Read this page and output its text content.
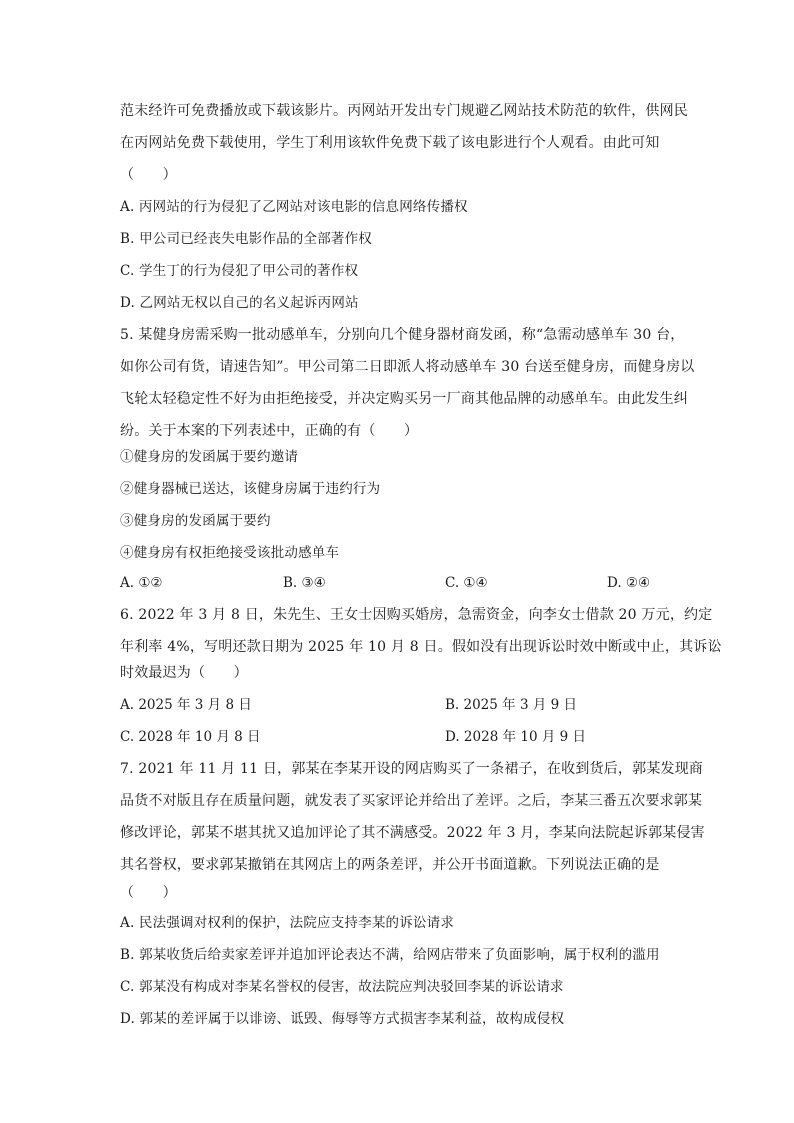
范末经许可免费播放或下载该影片。丙网站开发出专门规避乙网站技术防范的软件，供网民
在丙网站免费下载使用，学生丁利用该软件免费下载了该电影进行个人观看。由此可知
（　　）
A. 丙网站的行为侵犯了乙网站对该电影的信息网络传播权
B. 甲公司已经丧失电影作品的全部著作权
C. 学生丁的行为侵犯了甲公司的著作权
D. 乙网站无权以自己的名义起诉丙网站
5. 某健身房需采购一批动感单车，分别向几个健身器材商发函，称“急需动感单车 30 台，
如你公司有货，请速告知”。甲公司第二日即派人将动感单车 30 台送至健身房，而健身房以
飞轮太轻稳定性不好为由拒绝接受，并决定购买另一厂商其他品牌的动感单车。由此发生纠
纷。关于本案的下列表述中，正确的有（　　）
①健身房的发函属于要约邀请
②健身器械已送达，该健身房属于违约行为
③健身房的发函属于要约
④健身房有权拒绝接受该批动感单车
A. ①②	B. ③④	C. ①④	D. ②④
6. 2022 年 3 月 8 日，朱先生、王女士因购买婚房，急需资金，向李女士借款 20 万元，约定
年利率 4%，写明还款日期为 2025 年 10 月 8 日。假如没有出现诉讼时效中断或中止，其诉讼
时效最迟为（　　）
A. 2025 年 3 月 8 日	B. 2025 年 3 月 9 日
C. 2028 年 10 月 8 日	D. 2028 年 10 月 9 日
7. 2021 年 11 月 11 日，郭某在李某开设的网店购买了一条裙子，在收到货后，郭某发现商
品货不对版且存在质量问题，就发表了买家评论并给出了差评。之后，李某三番五次要求郭某
修改评论，郭某不堪其扰又追加评论了其不满感受。2022 年 3 月，李某向法院起诉郭某侵害
其名誉权，要求郭某撤销在其网店上的两条差评，并公开书面道歉。下列说法正确的是
（　　）
A. 民法强调对权利的保护，法院应支持李某的诉讼请求
B. 郭某收货后给卖家差评并追加评论表达不满，给网店带来了负面影响，属于权利的滥用
C. 郭某没有构成对李某名誉权的侵害，故法院应判决驳回李某的诉讼请求
D. 郭某的差评属于以诽谤、诋毁、侮辱等方式损害李某利益，故构成侵权
